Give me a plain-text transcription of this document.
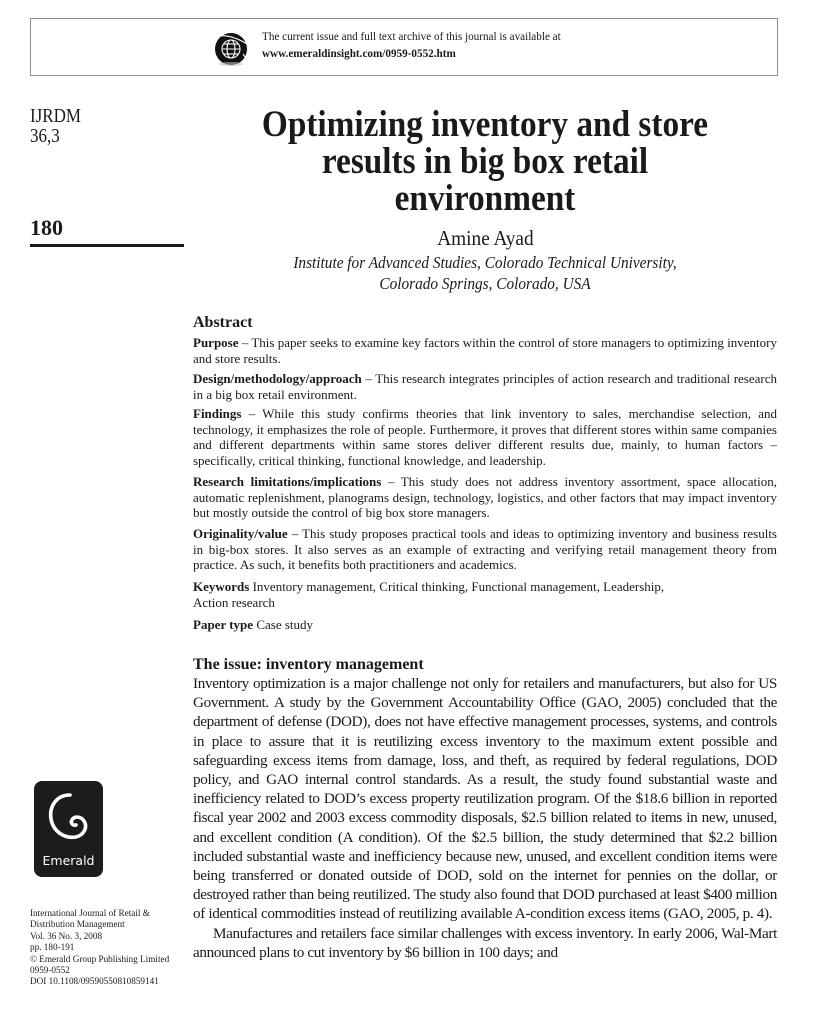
The current issue and full text archive of this journal is available at
www.emeraldinsight.com/0959-0552.htm
IJRDM
36,3
180
Optimizing inventory and store
results in big box retail
environment
Amine Ayad
Institute for Advanced Studies, Colorado Technical University,
Colorado Springs, Colorado, USA
Abstract
Purpose – This paper seeks to examine key factors within the control of store managers to optimizing inventory and store results.
Design/methodology/approach – This research integrates principles of action research and traditional research in a big box retail environment.
Findings – While this study confirms theories that link inventory to sales, merchandise selection, and technology, it emphasizes the role of people. Furthermore, it proves that different stores within same companies and different departments within same stores deliver different results due, mainly, to human factors – specifically, critical thinking, functional knowledge, and leadership.
Research limitations/implications – This study does not address inventory assortment, space allocation, automatic replenishment, planograms design, technology, logistics, and other factors that may impact inventory but mostly outside the control of big box store managers.
Originality/value – This study proposes practical tools and ideas to optimizing inventory and business results in big-box stores. It also serves as an example of extracting and verifying retail management theory from practice. As such, it benefits both practitioners and academics.
Keywords Inventory management, Critical thinking, Functional management, Leadership,
Action research
Paper type Case study
The issue: inventory management

Inventory optimization is a major challenge not only for retailers and manufacturers, but also for US Government. A study by the Government Accountability Office (GAO, 2005) concluded that the department of defense (DOD), does not have effective management processes, systems, and controls in place to assure that it is reutilizing excess inventory to the maximum extent possible and safeguarding excess items from damage, loss, and theft, as required by federal regulations, DOD policy, and GAO internal control standards. As a result, the study found substantial waste and inefficiency related to DOD’s excess property reutilization program. Of the $18.6 billion in reported fiscal year 2002 and 2003 excess commodity disposals, $2.5 billion related to items in new, unused, and excellent condition (A condition). Of the $2.5 billion, the study determined that $2.2 billion included substantial waste and inefficiency because new, unused, and excellent condition items were being transferred or donated outside of DOD, sold on the internet for pennies on the dollar, or destroyed rather than being reutilized. The study also found that DOD purchased at least $400 million of identical commodities instead of reutilizing available A-condition excess items (GAO, 2005, p. 4).

Manufactures and retailers face similar challenges with excess inventory. In early 2006, Wal-Mart announced plans to cut inventory by $6 billion in 100 days; and

Emerald
International Journal of Retail &
Distribution Management
Vol. 36 No. 3, 2008
pp. 180-191
© Emerald Group Publishing Limited
0959-0552
DOI 10.1108/09590550810859141
